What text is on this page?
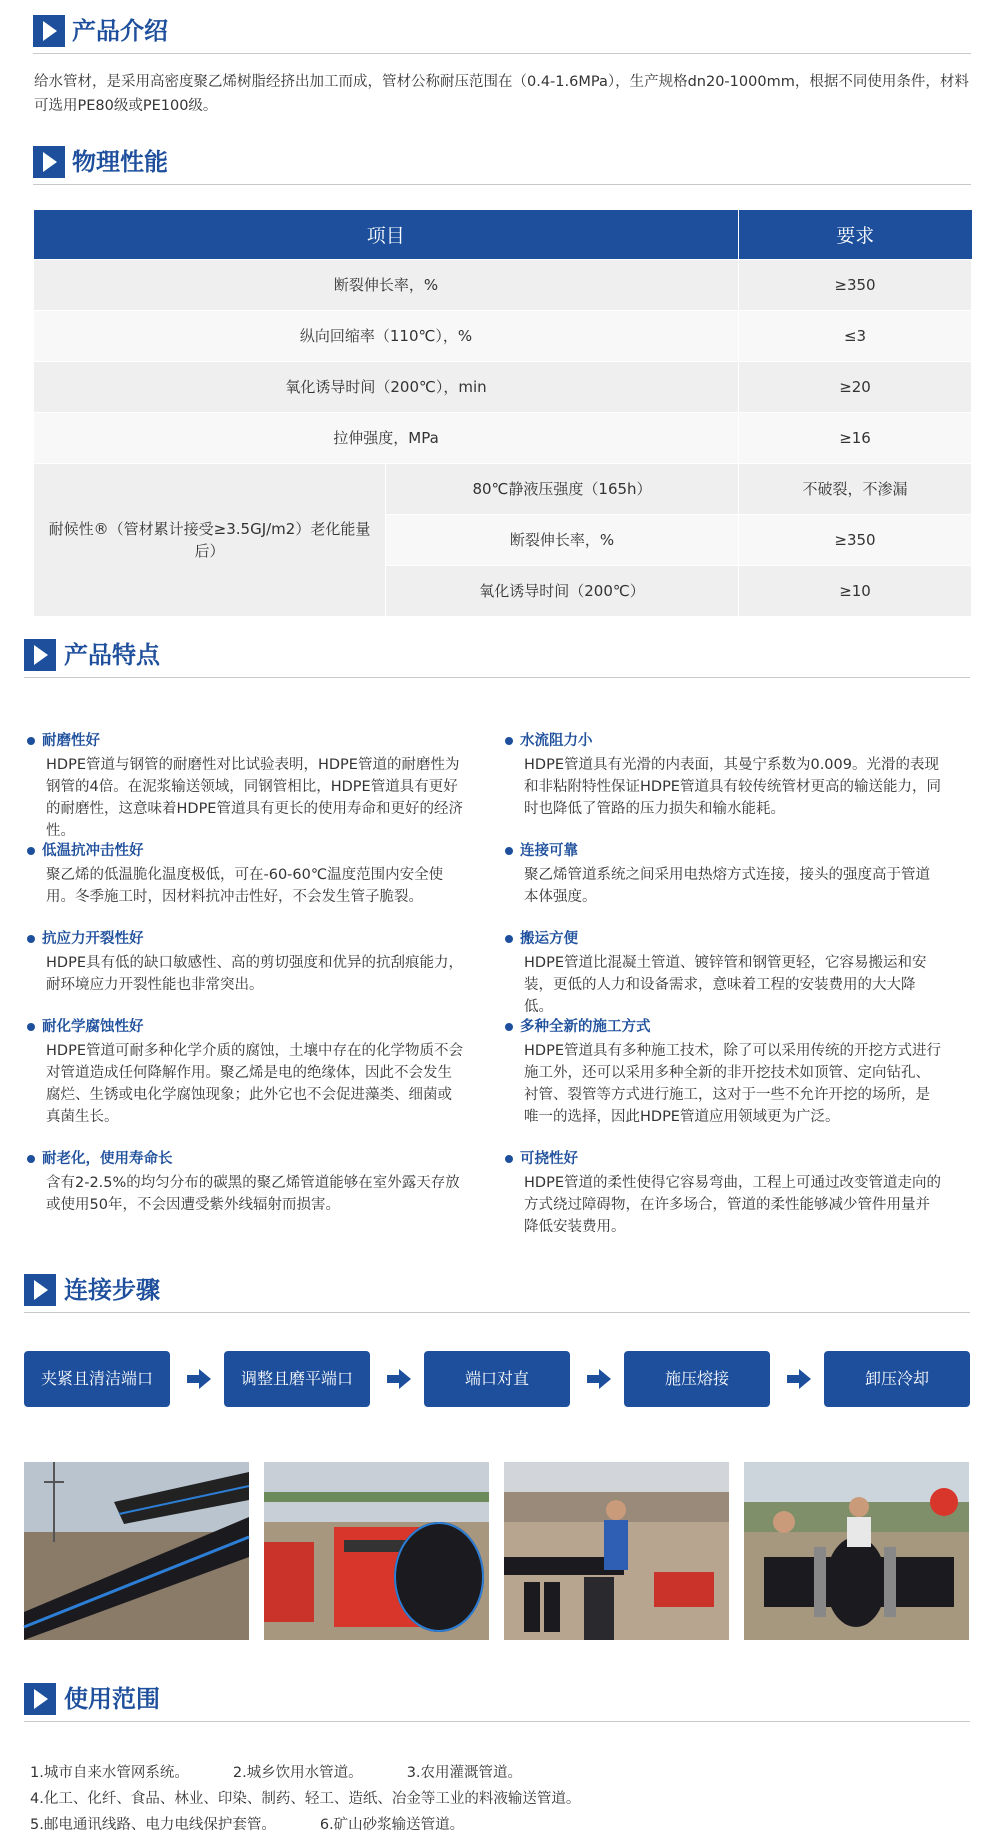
产品介绍
给水管材，是采用高密度聚乙烯树脂经挤出加工而成，管材公称耐压范围在（0.4-1.6MPa），生产规格dn20-1000mm，根据不同使用条件，材料可选用PE80级或PE100级。
物理性能
项目		要求
断裂伸长率，%		≥350
纵向回缩率（110℃），%		≤3
氧化诱导时间（200℃），min		≥20
拉伸强度，MPa		≥16
耐候性®（管材累计接受≥3.5GJ/m2）老化能量后）	80℃静液压强度（165h）	不破裂，不渗漏
	断裂伸长率，%	≥350
	氧化诱导时间（200℃）	≥10
产品特点
耐磨性好
HDPE管道与钢管的耐磨性对比试验表明，HDPE管道的耐磨性为钢管的4倍。在泥浆输送领域，同钢管相比，HDPE管道具有更好的耐磨性，这意味着HDPE管道具有更长的使用寿命和更好的经济性。
水流阻力小
HDPE管道具有光滑的内表面，其曼宁系数为0.009。光滑的表现和非粘附特性保证HDPE管道具有较传统管材更高的输送能力，同时也降低了管路的压力损失和输水能耗。
低温抗冲击性好
聚乙烯的低温脆化温度极低，可在-60-60℃温度范围内安全使用。冬季施工时，因材料抗冲击性好，不会发生管子脆裂。
连接可靠
聚乙烯管道系统之间采用电热熔方式连接，接头的强度高于管道本体强度。
抗应力开裂性好
HDPE具有低的缺口敏感性、高的剪切强度和优异的抗刮痕能力，耐环境应力开裂性能也非常突出。
搬运方便
HDPE管道比混凝土管道、镀锌管和钢管更轻，它容易搬运和安装，更低的人力和设备需求，意味着工程的安装费用的大大降低。
耐化学腐蚀性好
HDPE管道可耐多种化学介质的腐蚀，土壤中存在的化学物质不会对管道造成任何降解作用。聚乙烯是电的绝缘体，因此不会发生腐烂、生锈或电化学腐蚀现象；此外它也不会促进藻类、细菌或真菌生长。
多种全新的施工方式
HDPE管道具有多种施工技术，除了可以采用传统的开挖方式进行施工外，还可以采用多种全新的非开挖技术如顶管、定向钻孔、衬管、裂管等方式进行施工，这对于一些不允许开挖的场所，是唯一的选择，因此HDPE管道应用领域更为广泛。
耐老化，使用寿命长
含有2-2.5%的均匀分布的碳黑的聚乙烯管道能够在室外露天存放或使用50年，不会因遭受紫外线辐射而损害。
可挠性好
HDPE管道的柔性使得它容易弯曲，工程上可通过改变管道走向的方式绕过障碍物，在许多场合，管道的柔性能够减少管件用量并降低安装费用。
连接步骤
夹紧且清洁端口	调整且磨平端口	端口对直	施压熔接	卸压冷却
使用范围
1.城市自来水管网系统。	2.城乡饮用水管道。	3.农用灌溉管道。
4.化工、化纤、食品、林业、印染、制药、轻工、造纸、冶金等工业的料液输送管道。
5.邮电通讯线路、电力电线保护套管。	6.矿山砂浆输送管道。
